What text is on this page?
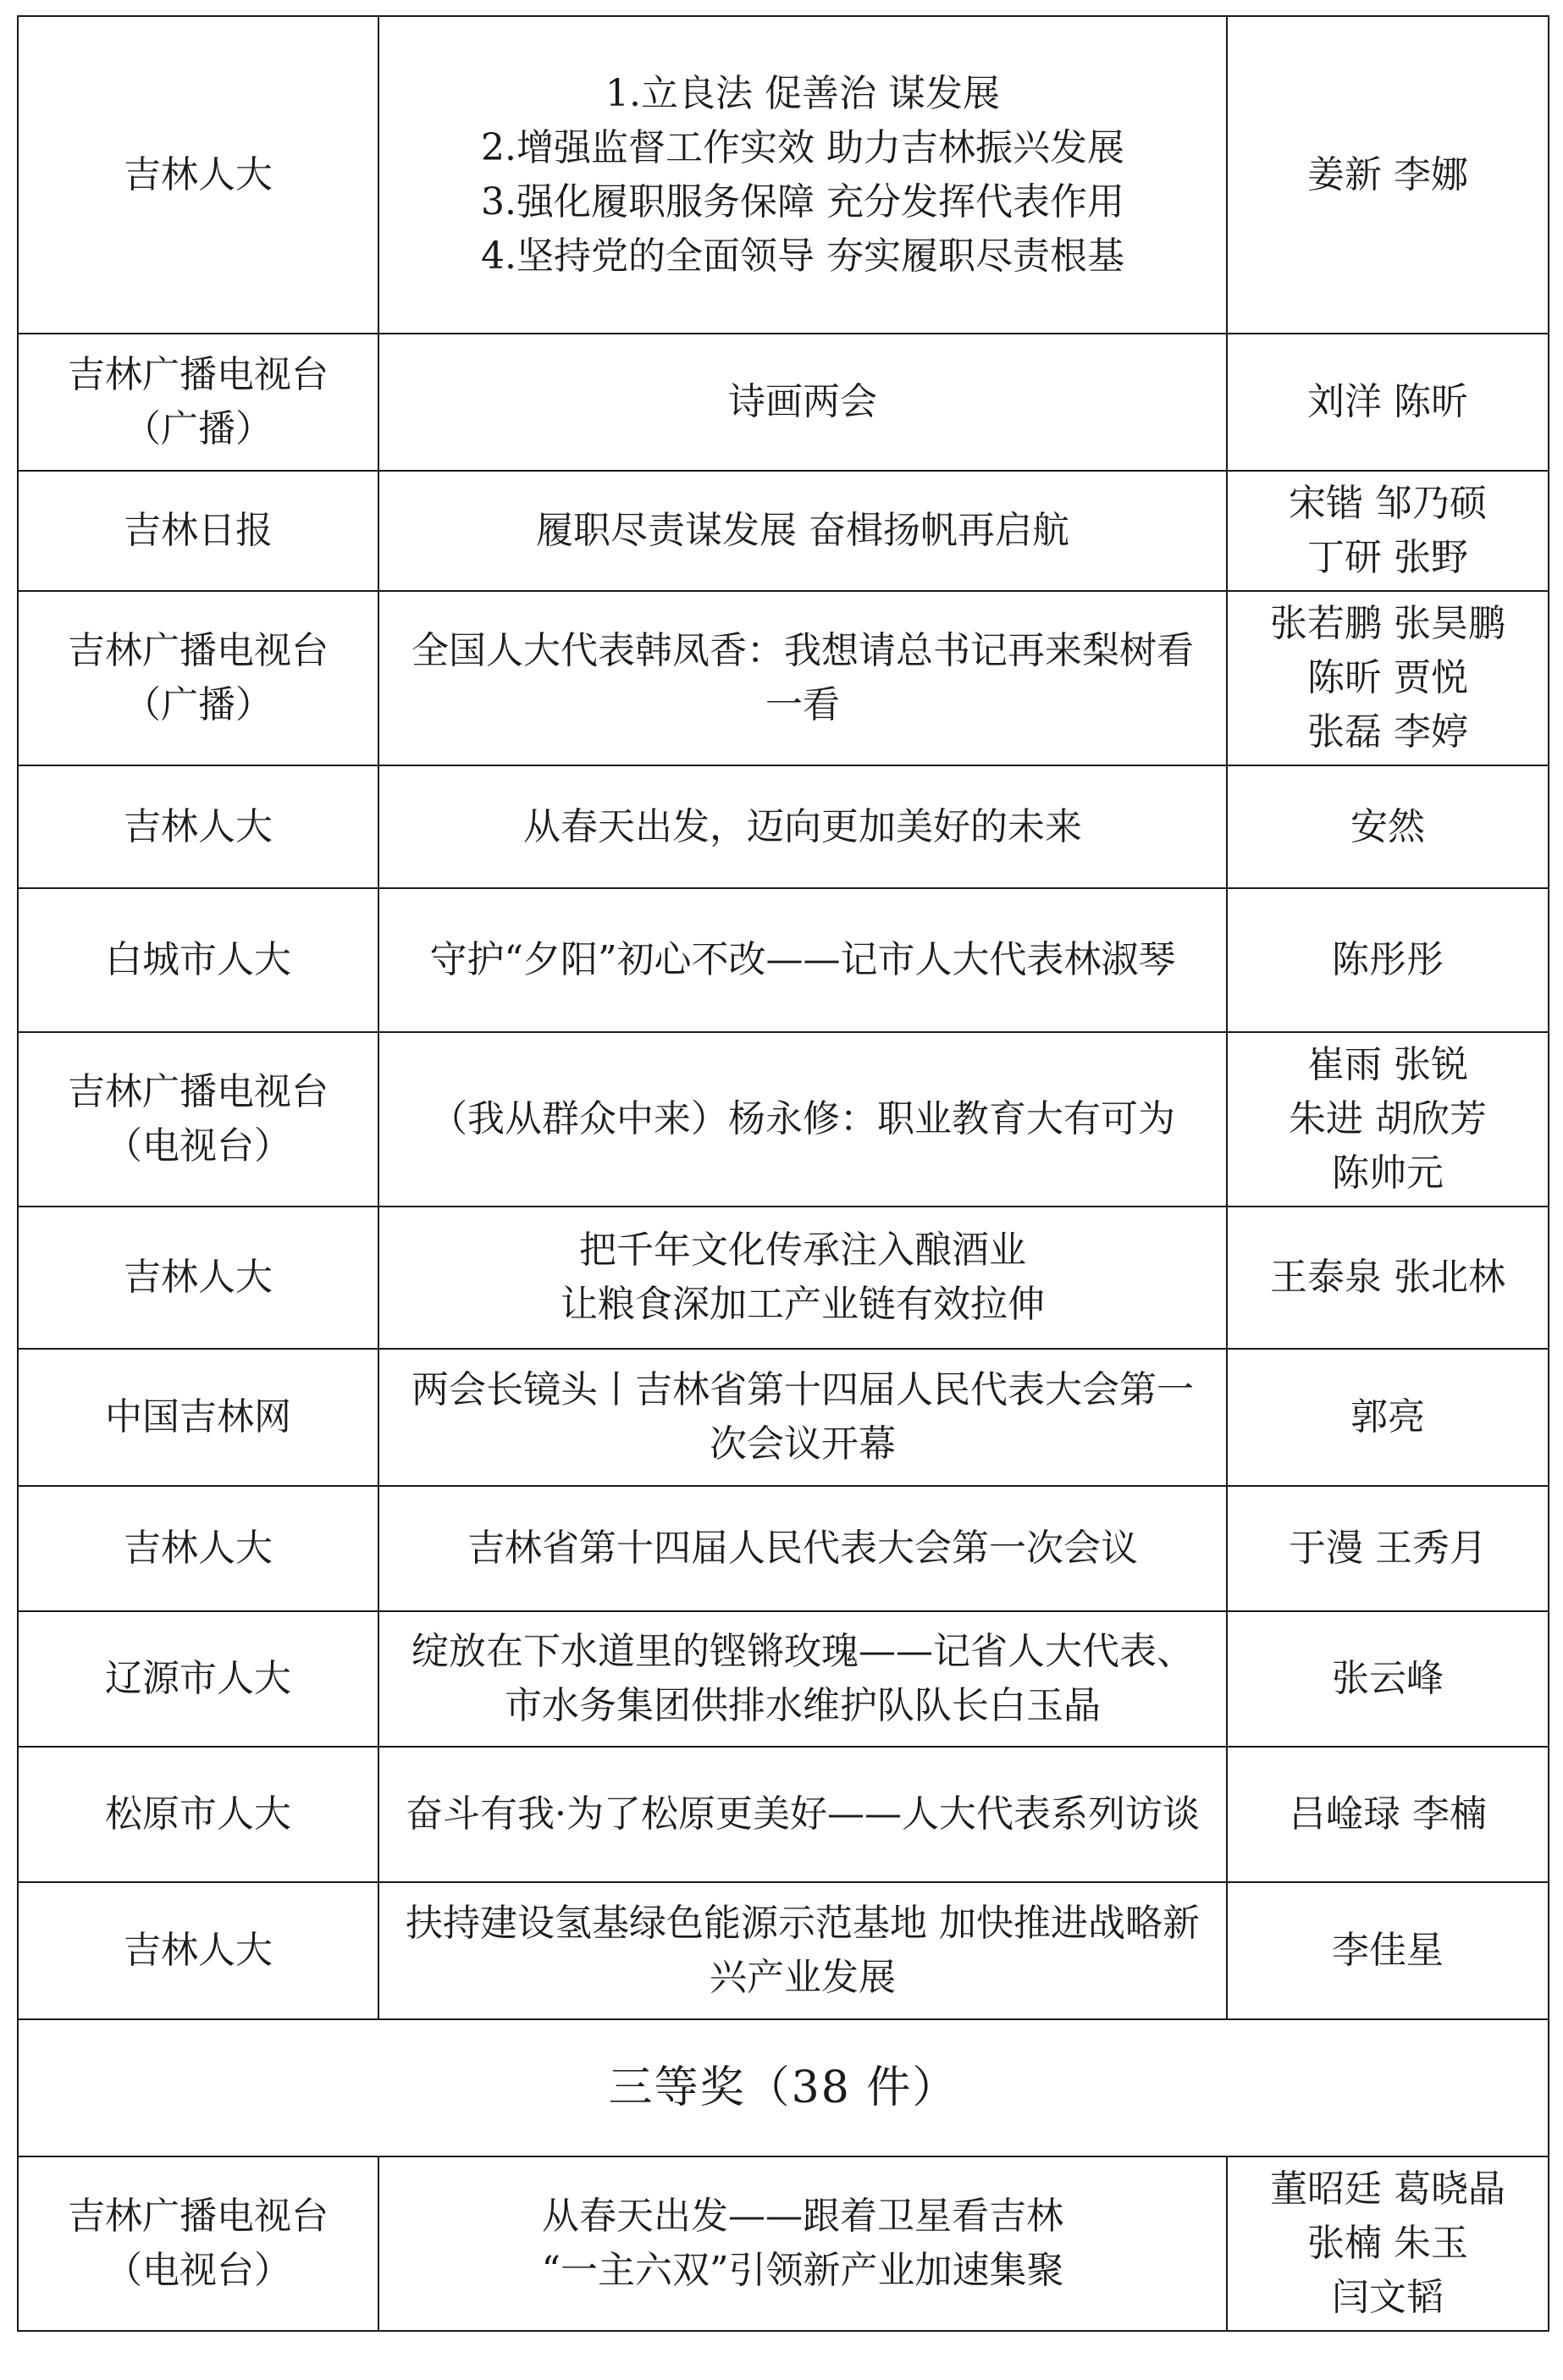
吉林人大	1.立良法 促善治 谋发展
2.增强监督工作实效 助力吉林振兴发展
3.强化履职服务保障 充分发挥代表作用
4.坚持党的全面领导 夯实履职尽责根基	姜新 李娜

吉林广播电视台
（广播）	诗画两会	刘洋 陈昕

吉林日报	履职尽责谋发展 奋楫扬帆再启航	宋锴 邹乃硕
丁研 张野

吉林广播电视台
（广播）	全国人大代表韩凤香：我想请总书记再来梨树看一看	张若鹏 张昊鹏
陈昕 贾悦
张磊 李婷

吉林人大	从春天出发，迈向更加美好的未来	安然

白城市人大	守护“夕阳”初心不改——记市人大代表林淑琴	陈彤彤

吉林广播电视台
（电视台）	（我从群众中来）杨永修：职业教育大有可为	崔雨 张锐
朱进 胡欣芳
陈帅元

吉林人大	把千年文化传承注入酿酒业
让粮食深加工产业链有效拉伸	王泰泉 张北林

中国吉林网	两会长镜头丨吉林省第十四届人民代表大会第一次会议开幕	郭亮

吉林人大	吉林省第十四届人民代表大会第一次会议	于漫 王秀月

辽源市人大	绽放在下水道里的铿锵玫瑰——记省人大代表、市水务集团供排水维护队队长白玉晶	张云峰

松原市人大	奋斗有我·为了松原更美好——人大代表系列访谈	吕崯琭 李楠

吉林人大	扶持建设氢基绿色能源示范基地 加快推进战略新兴产业发展	李佳星

三等奖（38 件）		

吉林广播电视台
（电视台）	从春天出发——跟着卫星看吉林
“一主六双”引领新产业加速集聚	董昭廷 葛晓晶
张楠 朱玉
闫文韬
